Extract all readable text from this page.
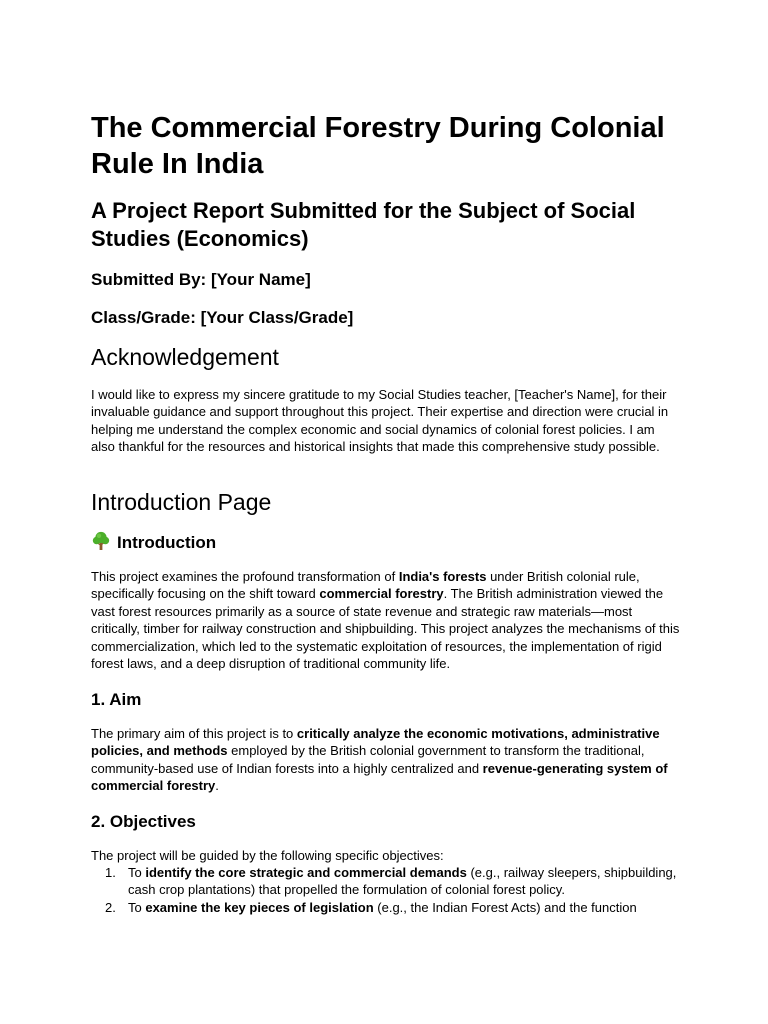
The Commercial Forestry During Colonial Rule In India
A Project Report Submitted for the Subject of Social Studies (Economics)
Submitted By: [Your Name]
Class/Grade: [Your Class/Grade]
Acknowledgement

I would like to express my sincere gratitude to my Social Studies teacher, [Teacher's Name], for their invaluable guidance and support throughout this project. Their expertise and direction were crucial in helping me understand the complex economic and social dynamics of colonial forest policies. I am also thankful for the resources and historical insights that made this comprehensive study possible.

Introduction Page
Introduction

This project examines the profound transformation of India's forests under British colonial rule, specifically focusing on the shift toward commercial forestry. The British administration viewed the vast forest resources primarily as a source of state revenue and strategic raw materials—most critically, timber for railway construction and shipbuilding. This project analyzes the mechanisms of this commercialization, which led to the systematic exploitation of resources, the implementation of rigid forest laws, and a deep disruption of traditional community life.

1. Aim

The primary aim of this project is to critically analyze the economic motivations, administrative policies, and methods employed by the British colonial government to transform the traditional, community-based use of Indian forests into a highly centralized and revenue-generating system of commercial forestry.

2. Objectives

The project will be guided by the following specific objectives:

1. To identify the core strategic and commercial demands (e.g., railway sleepers, shipbuilding, cash crop plantations) that propelled the formulation of colonial forest policy.
2. To examine the key pieces of legislation (e.g., the Indian Forest Acts) and the function
